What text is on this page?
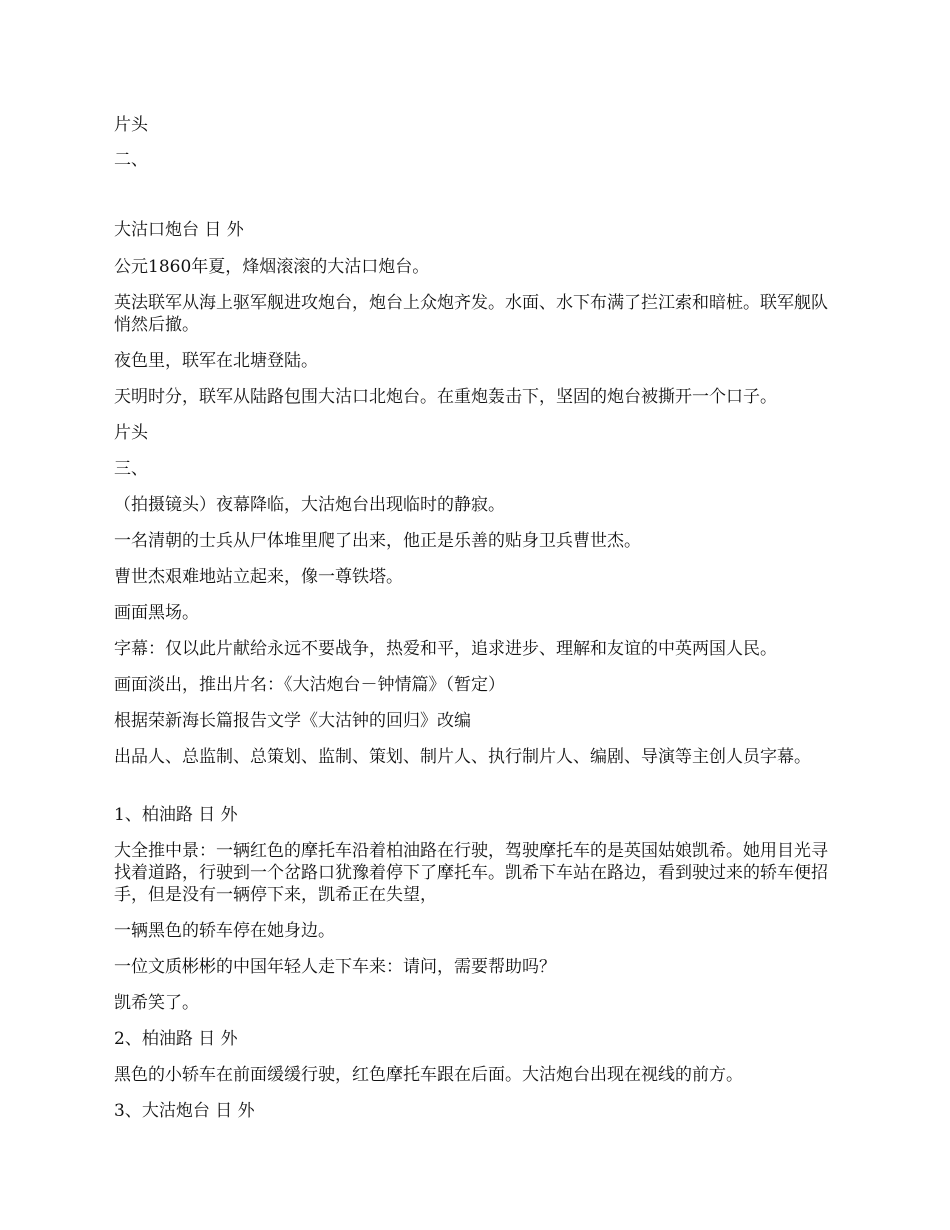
片头

二、

大沽口炮台 日 外

公元1860年夏，烽烟滚滚的大沽口炮台。

英法联军从海上驱军舰进攻炮台，炮台上众炮齐发。水面、水下布满了拦江索和暗桩。联军舰队悄然后撤。

夜色里，联军在北塘登陆。

天明时分，联军从陆路包围大沽口北炮台。在重炮轰击下，坚固的炮台被撕开一个口子。

片头

三、

（拍摄镜头）夜幕降临，大沽炮台出现临时的静寂。

一名清朝的士兵从尸体堆里爬了出来，他正是乐善的贴身卫兵曹世杰。

曹世杰艰难地站立起来，像一尊铁塔。

画面黑场。

字幕：仅以此片献给永远不要战争，热爱和平，追求进步、理解和友谊的中英两国人民。

画面淡出，推出片名：《大沽炮台－钟情篇》（暂定）

根据荣新海长篇报告文学《大沽钟的回归》改编

出品人、总监制、总策划、监制、策划、制片人、执行制片人、编剧、导演等主创人员字幕。

1、柏油路 日 外

大全推中景：一辆红色的摩托车沿着柏油路在行驶，驾驶摩托车的是英国姑娘凯希。她用目光寻找着道路，行驶到一个岔路口犹豫着停下了摩托车。凯希下车站在路边，看到驶过来的轿车便招手，但是没有一辆停下来，凯希正在失望，

一辆黑色的轿车停在她身边。

一位文质彬彬的中国年轻人走下车来：请问，需要帮助吗？

凯希笑了。

2、柏油路 日 外

黑色的小轿车在前面缓缓行驶，红色摩托车跟在后面。大沽炮台出现在视线的前方。

3、大沽炮台 日 外
